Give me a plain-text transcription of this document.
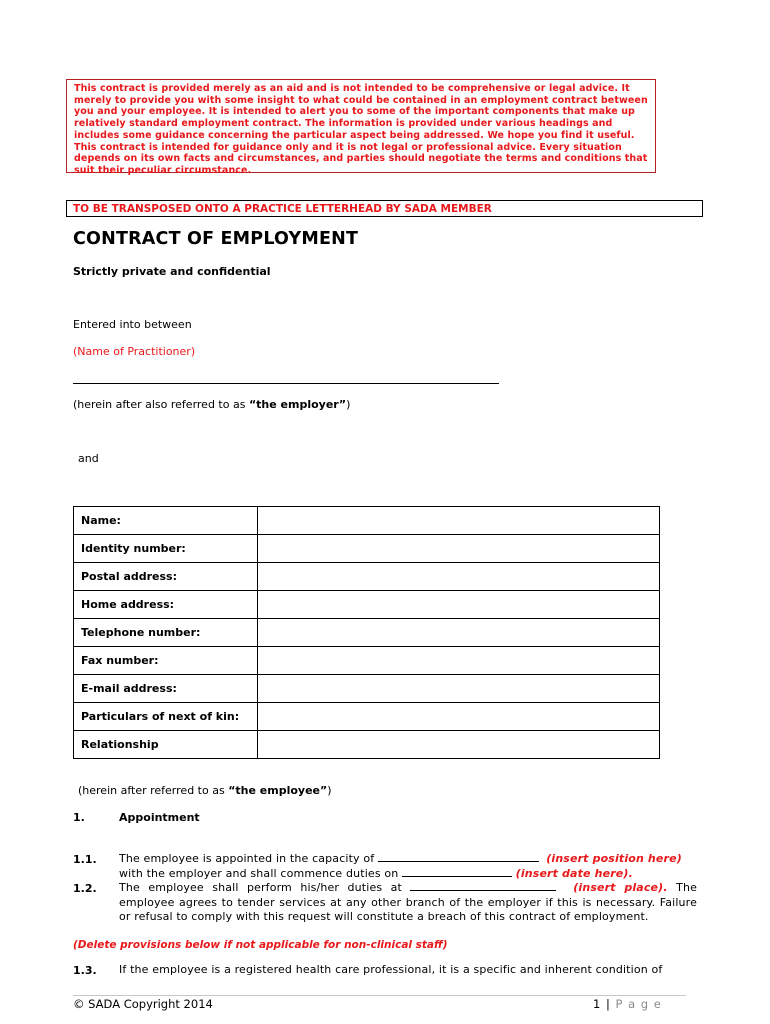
This contract is provided merely as an aid and is not intended to be comprehensive or legal advice. It merely to provide you with some insight to what could be contained in an employment contract between you and your employee. It is intended to alert you to some of the important components that make up relatively standard employment contract. The information is provided under various headings and includes some guidance concerning the particular aspect being addressed. We hope you find it useful. This contract is intended for guidance only and it is not legal or professional advice. Every situation depends on its own facts and circumstances, and parties should negotiate the terms and conditions that suit their peculiar circumstance.
TO BE TRANSPOSED ONTO A PRACTICE LETTERHEAD BY SADA MEMBER
CONTRACT OF EMPLOYMENT
Strictly private and confidential
Entered into between
(Name of Practitioner)
(herein after also referred to as “the employer”)
and
Name:	
Identity number:	
Postal address:	
Home address:	
Telephone number:	
Fax number:	
E-mail address:	
Particulars of next of kin:	
Relationship	
(herein after referred to as “the employee”)
1.	Appointment
1.1. The employee is appointed in the capacity of	(insert position here)
with the employer and shall commence duties on	(insert date here).
1.2. The employee shall perform his/her duties at	(insert place). The employee agrees to tender services at any other branch of the employer if this is necessary. Failure or refusal to comply with this request will constitute a breach of this contract of employment.
(Delete provisions below if not applicable for non-clinical staff)
1.3. If the employee is a registered health care professional, it is a specific and inherent condition of
© SADA Copyright 2014	1 | P a g e
